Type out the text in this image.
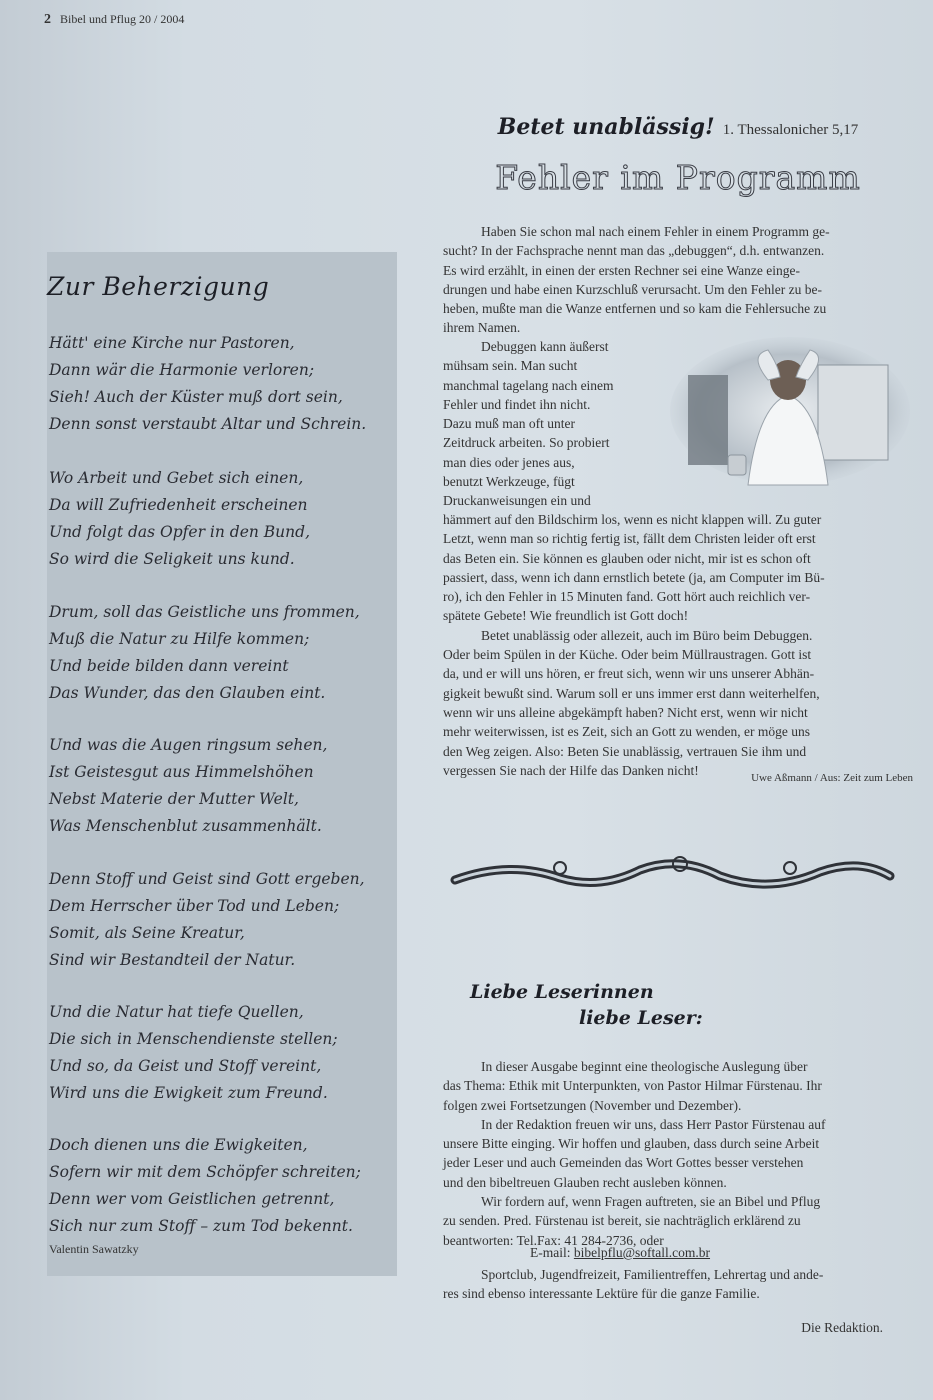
2 Bibel und Pflug 20 / 2004
Zur Beherzigung
Hätt' eine Kirche nur Pastoren,
Dann wär die Harmonie verloren;
Sieh! Auch der Küster muß dort sein,
Denn sonst verstaubt Altar und Schrein.
Wo Arbeit und Gebet sich einen,
Da will Zufriedenheit erscheinen
Und folgt das Opfer in den Bund,
So wird die Seligkeit uns kund.
Drum, soll das Geistliche uns frommen,
Muß die Natur zu Hilfe kommen;
Und beide bilden dann vereint
Das Wunder, das den Glauben eint.
Und was die Augen ringsum sehen,
Ist Geistesgut aus Himmelshöhen
Nebst Materie der Mutter Welt,
Was Menschenblut zusammenhält.
Denn Stoff und Geist sind Gott ergeben,
Dem Herrscher über Tod und Leben;
Somit, als Seine Kreatur,
Sind wir Bestandteil der Natur.
Und die Natur hat tiefe Quellen,
Die sich in Menschendienste stellen;
Und so, da Geist und Stoff vereint,
Wird uns die Ewigkeit zum Freund.
Doch dienen uns die Ewigkeiten,
Sofern wir mit dem Schöpfer schreiten;
Denn wer vom Geistlichen getrennt,
Sich nur zum Stoff – zum Tod bekennt.
Valentin Sawatzky
Betet unablässig! 1. Thessalonicher 5,17
Fehler im Programm
Haben Sie schon mal nach einem Fehler in einem Programm ge-
sucht? In der Fachsprache nennt man das „debuggen“, d.h. entwanzen.
Es wird erzählt, in einen der ersten Rechner sei eine Wanze einge-
drungen und habe einen Kurzschluß verursacht. Um den Fehler zu be-
heben, mußte man die Wanze entfernen und so kam die Fehlersuche zu
ihrem Namen.
Debuggen kann äußerst
mühsam sein. Man sucht
manchmal tagelang nach einem
Fehler und findet ihn nicht.
Dazu muß man oft unter
Zeitdruck arbeiten. So probiert
man dies oder jenes aus,
benutzt Werkzeuge, fügt
Druckanweisungen ein und
hämmert auf den Bildschirm los, wenn es nicht klappen will. Zu guter
Letzt, wenn man so richtig fertig ist, fällt dem Christen leider oft erst
das Beten ein. Sie können es glauben oder nicht, mir ist es schon oft
passiert, dass, wenn ich dann ernstlich betete (ja, am Computer im Bü-
ro), ich den Fehler in 15 Minuten fand. Gott hört auch reichlich ver-
spätete Gebete! Wie freundlich ist Gott doch!
Betet unablässig oder allezeit, auch im Büro beim Debuggen.
Oder beim Spülen in der Küche. Oder beim Müllraustragen. Gott ist
da, und er will uns hören, er freut sich, wenn wir uns unserer Abhän-
gigkeit bewußt sind. Warum soll er uns immer erst dann weiterhelfen,
wenn wir uns alleine abgekämpft haben? Nicht erst, wenn wir nicht
mehr weiterwissen, ist es Zeit, sich an Gott zu wenden, er möge uns
den Weg zeigen. Also: Beten Sie unablässig, vertrauen Sie ihm und
vergessen Sie nach der Hilfe das Danken nicht!
Uwe Aßmann / Aus: Zeit zum Leben
Liebe Leserinnen
liebe Leser:
In dieser Ausgabe beginnt eine theologische Auslegung über
das Thema: Ethik mit Unterpunkten, von Pastor Hilmar Fürstenau. Ihr
folgen zwei Fortsetzungen (November und Dezember).
In der Redaktion freuen wir uns, dass Herr Pastor Fürstenau auf
unsere Bitte einging. Wir hoffen und glauben, dass durch seine Arbeit
jeder Leser und auch Gemeinden das Wort Gottes besser verstehen
und den bibeltreuen Glauben recht ausleben können.
Wir fordern auf, wenn Fragen auftreten, sie an Bibel und Pflug
zu senden. Pred. Fürstenau ist bereit, sie nachträglich erklärend zu
beantworten: Tel.Fax: 41 284-2736, oder
E-mail: bibelpflu@softall.com.br
Sportclub, Jugendfreizeit, Familientreffen, Lehrertag und ande-
res sind ebenso interessante Lektüre für die ganze Familie.
Die Redaktion.
